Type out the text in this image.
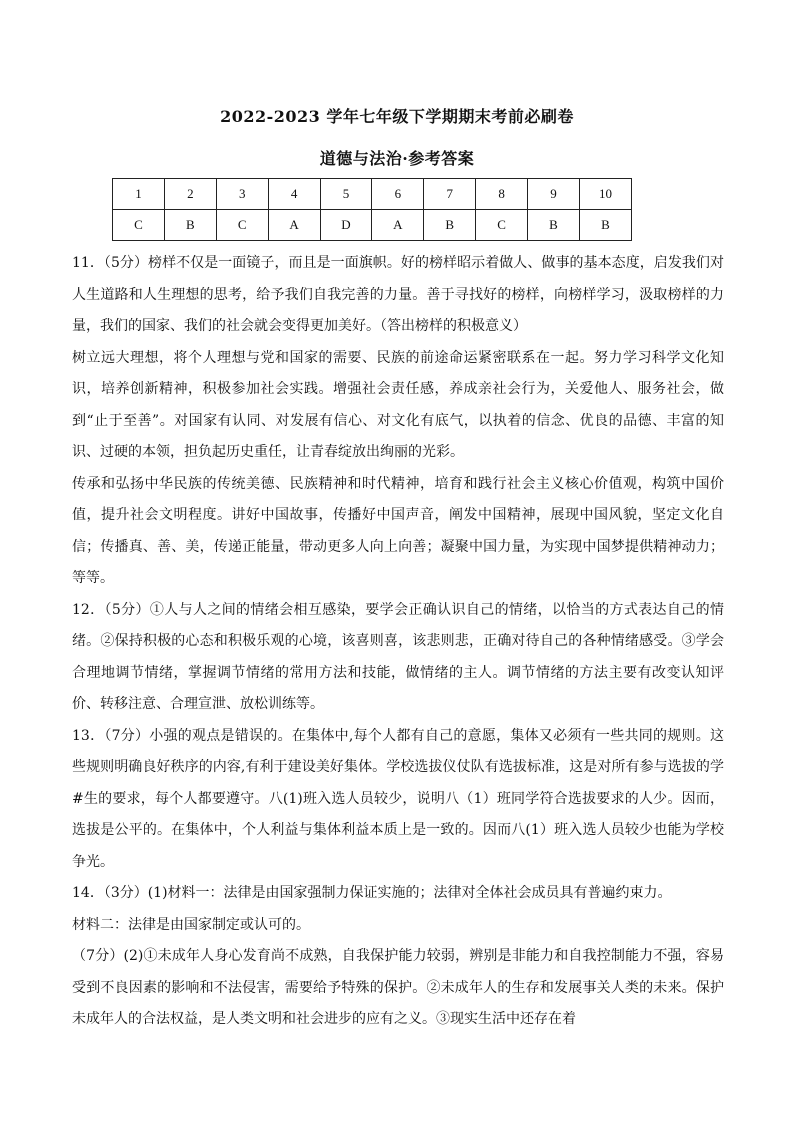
2022-2023 学年七年级下学期期末考前必刷卷
道德与法治·参考答案
1	2	3	4	5	6	7	8	9	10
C	B	C	A	D	A	B	C	B	B

11．（5分）榜样不仅是一面镜子，而且是一面旗帜。好的榜样昭示着做人、做事的基本态度，启发我们对人生道路和人生理想的思考，给予我们自我完善的力量。善于寻找好的榜样，向榜样学习，汲取榜样的力量，我们的国家、我们的社会就会变得更加美好。（答出榜样的积极意义）

树立远大理想，将个人理想与党和国家的需要、民族的前途命运紧密联系在一起。努力学习科学文化知识，培养创新精神，积极参加社会实践。增强社会责任感，养成亲社会行为，关爱他人、服务社会，做到“止于至善”。对国家有认同、对发展有信心、对文化有底气，以执着的信念、优良的品德、丰富的知识、过硬的本领，担负起历史重任，让青春绽放出绚丽的光彩。

传承和弘扬中华民族的传统美德、民族精神和时代精神，培育和践行社会主义核心价值观，构筑中国价值，提升社会文明程度。讲好中国故事，传播好中国声音，阐发中国精神，展现中国风貌，坚定文化自信；传播真、善、美，传递正能量，带动更多人向上向善；凝聚中国力量，为实现中国梦提供精神动力；等等。

12．（5分）①人与人之间的情绪会相互感染，要学会正确认识自己的情绪，以恰当的方式表达自己的情绪。②保持积极的心态和积极乐观的心境，该喜则喜，该悲则悲，正确对待自己的各种情绪感受。③学会合理地调节情绪，掌握调节情绪的常用方法和技能，做情绪的主人。调节情绪的方法主要有改变认知评价、转移注意、合理宣泄、放松训练等。

13．（7分）小强的观点是错误的。在集体中,每个人都有自己的意愿，集体又必须有一些共同的规则。这些规则明确良好秩序的内容,有利于建设美好集体。学校选拔仪仗队有选拔标准，这是对所有参与选拔的学#生的要求，每个人都要遵守。八(1)班入选人员较少，说明八（1）班同学符合选拔要求的人少。因而，选拔是公平的。在集体中，个人利益与集体利益本质上是一致的。因而八(1）班入选人员较少也能为学校争光。

14．（3分）(1)材料一：法律是由国家强制力保证实施的；法律对全体社会成员具有普遍约束力。

材料二：法律是由国家制定或认可的。

（7分）(2)①未成年人身心发育尚不成熟，自我保护能力较弱，辨别是非能力和自我控制能力不强，容易受到不良因素的影响和不法侵害，需要给予特殊的保护。②未成年人的生存和发展事关人类的未来。保护未成年人的合法权益，是人类文明和社会进步的应有之义。③现实生活中还存在着
